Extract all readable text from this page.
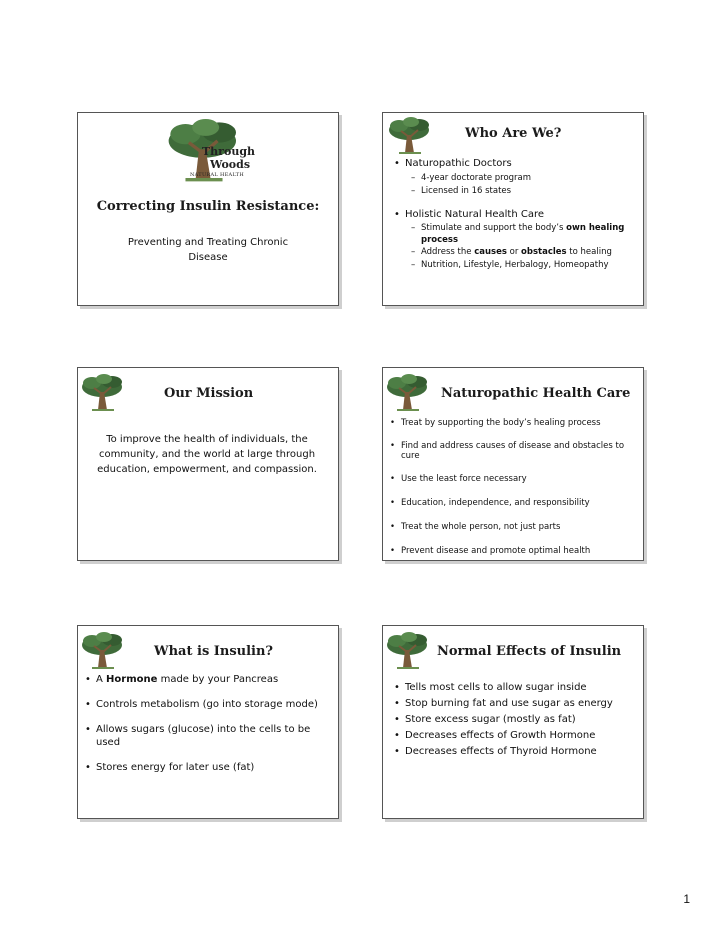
Through
Woods
NATURAL HEALTH
Correcting Insulin Resistance:
Preventing and Treating Chronic Disease
Who Are We?
• Naturopathic Doctors
– 4-year doctorate program
– Licensed in 16 states
• Holistic Natural Health Care
– Stimulate and support the body’s own healing process
– Address the causes or obstacles to healing
– Nutrition, Lifestyle, Herbalogy, Homeopathy
Our Mission
To improve the health of individuals, the community, and the world at large through education, empowerment, and compassion.
Naturopathic Health Care
• Treat by supporting the body’s healing process
• Find and address causes of disease and obstacles to cure
• Use the least force necessary
• Education, independence, and responsibility
• Treat the whole person, not just parts
• Prevent disease and promote optimal health
What is Insulin?
• A Hormone made by your Pancreas
• Controls metabolism (go into storage mode)
• Allows sugars (glucose) into the cells to be used
• Stores energy for later use (fat)
Normal Effects of Insulin
• Tells most cells to allow sugar inside
• Stop burning fat and use sugar as energy
• Store excess sugar (mostly as fat)
• Decreases effects of Growth Hormone
• Decreases effects of Thyroid Hormone
1
